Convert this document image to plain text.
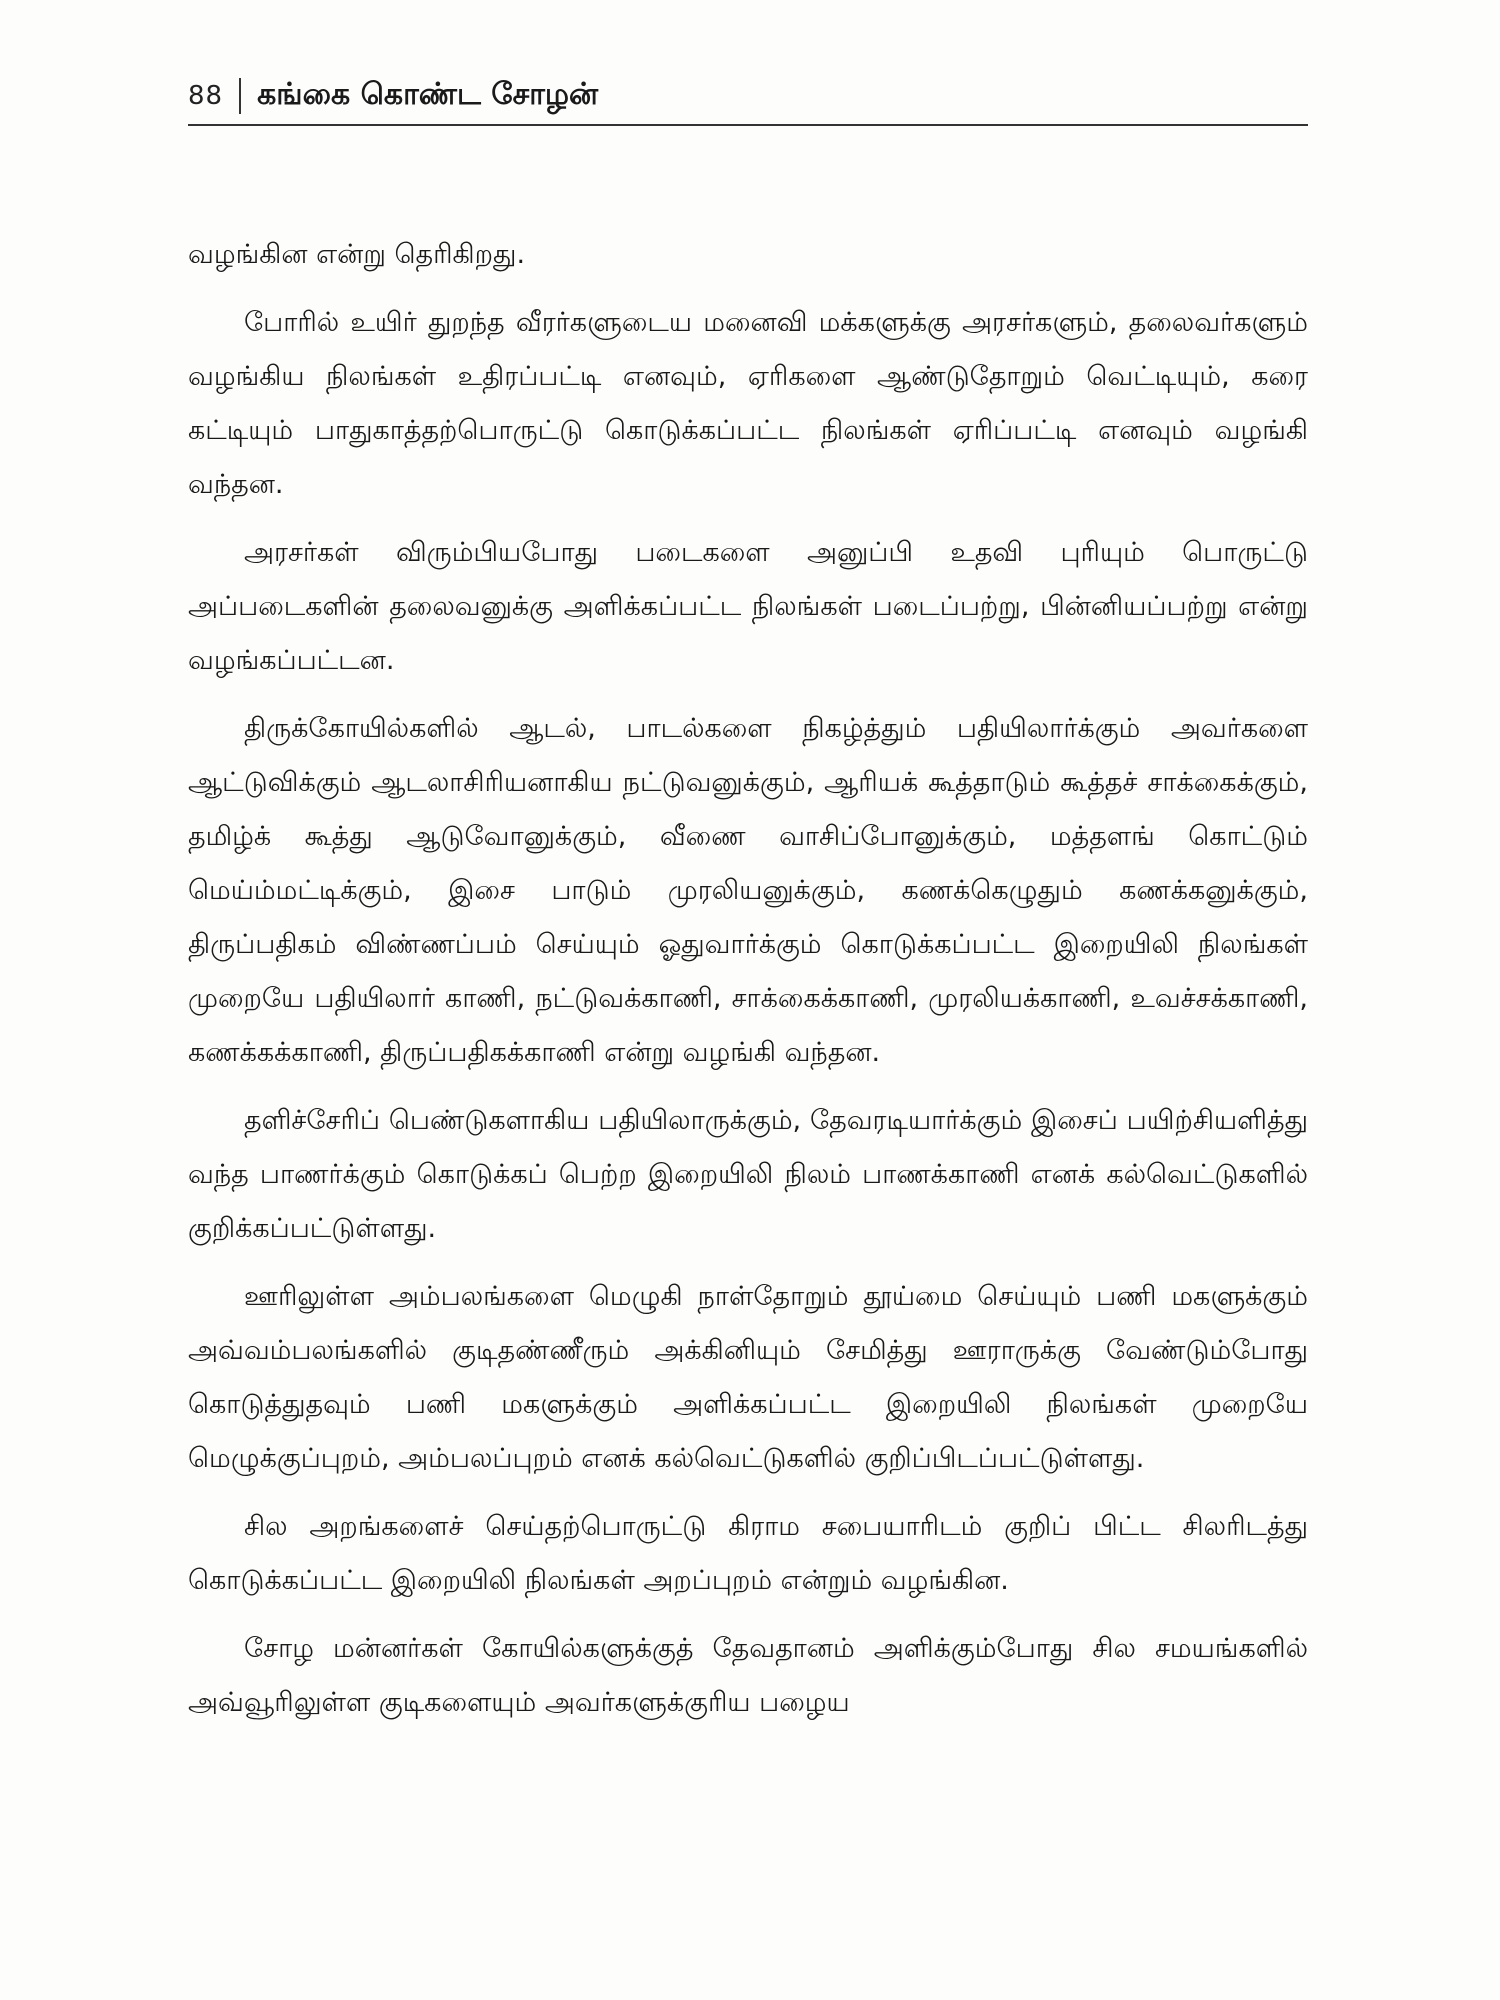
88 கங்கை கொண்ட சோழன்

வழங்கின என்று தெரிகிறது.

போரில் உயிர் துறந்த வீரர்களுடைய மனைவி மக்களுக்கு அரசர்களும், தலைவர்களும் வழங்கிய நிலங்கள் உதிரப்பட்டி எனவும், ஏரிகளை ஆண்டுதோறும் வெட்டியும், கரை கட்டியும் பாதுகாத்தற்பொருட்டு கொடுக்கப்பட்ட நிலங்கள் ஏரிப்பட்டி எனவும் வழங்கி வந்தன.

அரசர்கள் விரும்பியபோது படைகளை அனுப்பி உதவி புரியும் பொருட்டு அப்படைகளின் தலைவனுக்கு அளிக்கப்பட்ட நிலங்கள் படைப்பற்று, பின்னியப்பற்று என்று வழங்கப்பட்டன.

திருக்கோயில்களில் ஆடல், பாடல்களை நிகழ்த்தும் பதியிலார்க்கும் அவர்களை ஆட்டுவிக்கும் ஆடலாசிரியனாகிய நட்டுவனுக்கும், ஆரியக் கூத்தாடும் கூத்தச் சாக்கைக்கும், தமிழ்க் கூத்து ஆடுவோனுக்கும், வீணை வாசிப்போனுக்கும், மத்தளங் கொட்டும் மெய்ம்மட்டிக்கும், இசை பாடும் முரலியனுக்கும், கணக்கெழுதும் கணக்கனுக்கும், திருப்பதிகம் விண்ணப்பம் செய்யும் ஓதுவார்க்கும் கொடுக்கப்பட்ட இறையிலி நிலங்கள் முறையே பதியிலார் காணி, நட்டுவக்காணி, சாக்கைக்காணி, முரலியக்காணி, உவச்சக்காணி, கணக்கக்காணி, திருப்பதிகக்காணி என்று வழங்கி வந்தன.

தளிச்சேரிப் பெண்டுகளாகிய பதியிலாருக்கும், தேவரடியார்க்கும் இசைப் பயிற்சியளித்து வந்த பாணர்க்கும் கொடுக்கப் பெற்ற இறையிலி நிலம் பாணக்காணி எனக் கல்வெட்டுகளில் குறிக்கப்பட்டுள்ளது.

ஊரிலுள்ள அம்பலங்களை மெழுகி நாள்தோறும் தூய்மை செய்யும் பணி மகளுக்கும் அவ்வம்பலங்களில் குடிதண்ணீரும் அக்கினியும் சேமித்து ஊராருக்கு வேண்டும்போது கொடுத்துதவும் பணி மகளுக்கும் அளிக்கப்பட்ட இறையிலி நிலங்கள் முறையே மெழுக்குப்புறம், அம்பலப்புறம் எனக் கல்வெட்டுகளில் குறிப்பிடப்பட்டுள்ளது.

சில அறங்களைச் செய்தற்பொருட்டு கிராம சபையாரிடம் குறிப் பிட்ட சிலரிடத்து கொடுக்கப்பட்ட இறையிலி நிலங்கள் அறப்புறம் என்றும் வழங்கின.

சோழ மன்னர்கள் கோயில்களுக்குத் தேவதானம் அளிக்கும்போது சில சமயங்களில் அவ்வூரிலுள்ள குடிகளையும் அவர்களுக்குரிய பழைய
